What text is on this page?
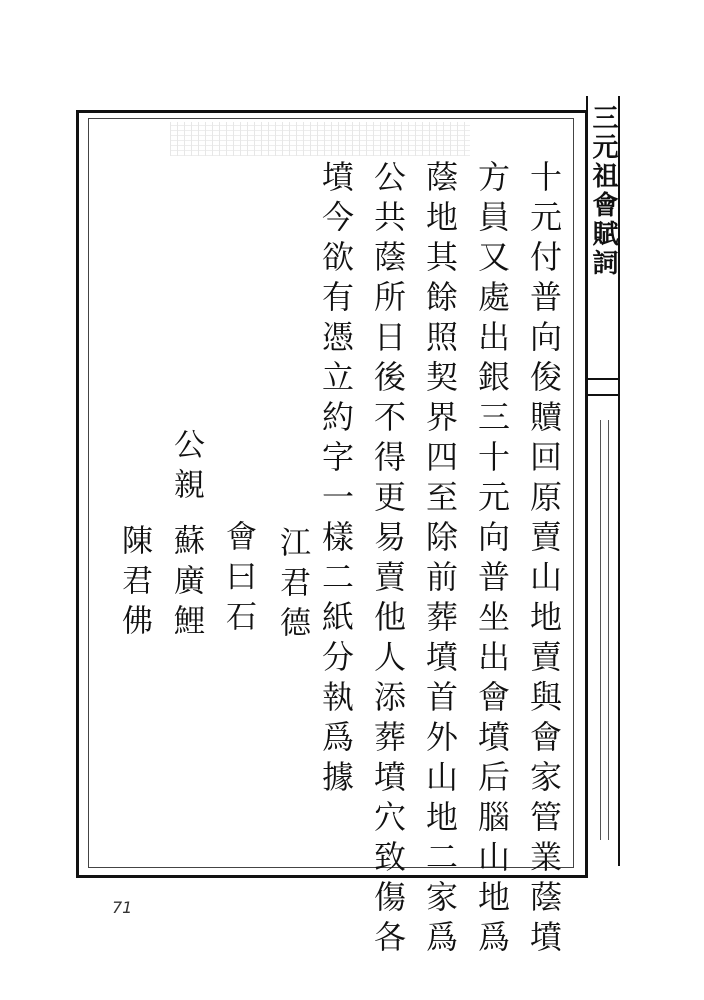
三元祖會賦詞
十元付普向俊贖回原賣山地賣與會家管業蔭墳
方員又處出銀三十元向普坐出會墳后腦山地爲
蔭地其餘照契界四至除前葬墳首外山地二家爲
公共蔭所日後不得更易賣他人添葬墳穴致傷各
墳今欲有憑立約字一樣二紙分執爲據
江君德
會曰石
蘇廣鯉
公親
陳君佛
71
